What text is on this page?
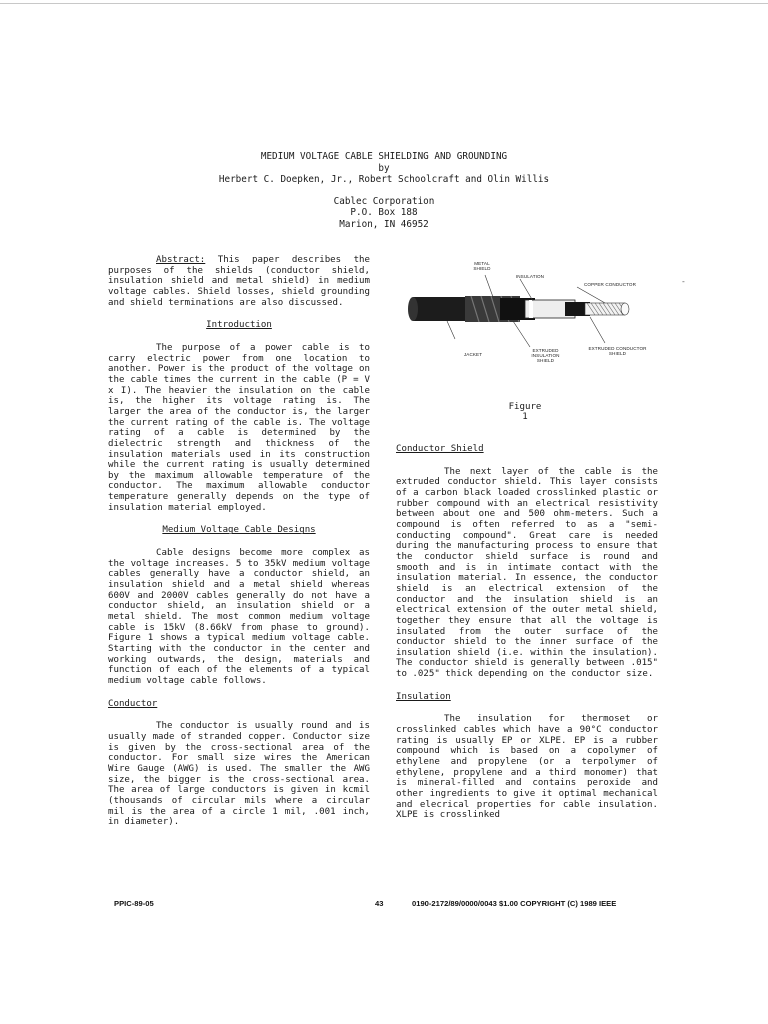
MEDIUM VOLTAGE CABLE SHIELDING AND GROUNDING
by
Herbert C. Doepken, Jr., Robert Schoolcraft and Olin Willis
Cablec Corporation
P.O. Box 188
Marion, IN 46952

Abstract: This paper describes the purposes of the shields (conductor shield, insulation shield and metal shield) in medium voltage cables. Shield losses, shield grounding and shield terminations are also discussed.

Introduction

The purpose of a power cable is to carry electric power from one location to another. Power is the product of the voltage on the cable times the current in the cable (P = V x I). The heavier the insulation on the cable is, the higher its voltage rating is. The larger the area of the conductor is, the larger the current rating of the cable is. The voltage rating of a cable is determined by the dielectric strength and thickness of the insulation materials used in its construction while the current rating is usually determined by the maximum allowable temperature of the conductor. The maximum allowable conductor temperature generally depends on the type of insulation material employed.

Medium Voltage Cable Designs

Cable designs become more complex as the voltage increases. 5 to 35kV medium voltage cables generally have a conductor shield, an insulation shield and a metal shield whereas 600V and 2000V cables generally do not have a conductor shield, an insulation shield or a metal shield. The most common medium voltage cable is 15kV (8.66kV from phase to ground). Figure 1 shows a typical medium voltage cable. Starting with the conductor in the center and working outwards, the design, materials and function of each of the elements of a typical medium voltage cable follows.

Conductor

The conductor is usually round and is usually made of stranded copper. Conductor size is given by the cross-sectional area of the conductor. For small size wires the American Wire Gauge (AWG) is used. The smaller the AWG size, the bigger is the cross-sectional area. The area of large conductors is given in kcmil (thousands of circular mils where a circular mil is the area of a circle 1 mil, .001 inch, in diameter).

METAL
SHIELD
INSULATION
COPPER CONDUCTOR
JACKET
EXTRUDED
INSULATION
SHIELD
EXTRUDED CONDUCTOR
SHIELD
Figure 1
Conductor Shield

The next layer of the cable is the extruded conductor shield. This layer consists of a carbon black loaded crosslinked plastic or rubber compound with an electrical resistivity between about one and 500 ohm-meters. Such a compound is often referred to as a "semi-conducting compound". Great care is needed during the manufacturing process to ensure that the conductor shield surface is round and smooth and is in intimate contact with the insulation material. In essence, the conductor shield is an electrical extension of the conductor and the insulation shield is an electrical extension of the outer metal shield, together they ensure that all the voltage is insulated from the outer surface of the conductor shield to the inner surface of the insulation shield (i.e. within the insulation). The conductor shield is generally between .015" to .025" thick depending on the conductor size.

Insulation

The insulation for thermoset or crosslinked cables which have a 90°C conductor rating is usually EP or XLPE. EP is a rubber compound which is based on a copolymer of ethylene and propylene (or a terpolymer of ethylene, propylene and a third monomer) that is mineral-filled and contains peroxide and other ingredients to give it optimal mechanical and elecrical properties for cable insulation. XLPE is crosslinked

-
PPIC-89-05	43	0190-2172/89/0000/0043 $1.00 COPYRIGHT (C) 1989 IEEE
